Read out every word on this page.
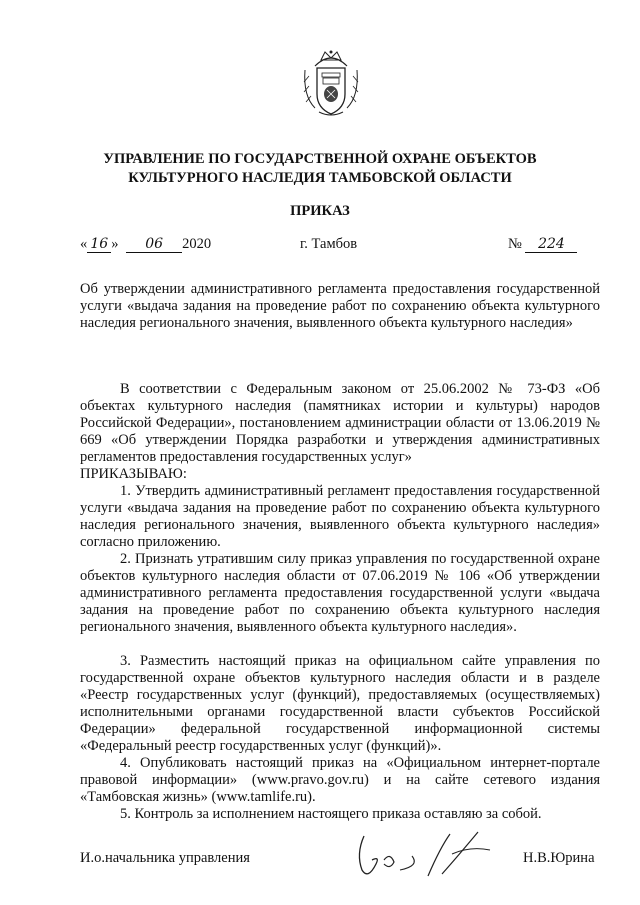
УПРАВЛЕНИЕ ПО ГОСУДАРСТВЕННОЙ ОХРАНЕ ОБЪЕКТОВ
КУЛЬТУРНОГО НАСЛЕДИЯ ТАМБОВСКОЙ ОБЛАСТИ
ПРИКАЗ
« 16 » 06 2020	г. Тамбов	№ 224

Об утверждении административного регламента предоставления государственной услуги «выдача задания на проведение работ по сохранению объекта культурного наследия регионального значения, выявленного объекта культурного наследия»

В соответствии с Федеральным законом от 25.06.2002 № 73-ФЗ «Об объектах культурного наследия (памятниках истории и культуры) народов Российской Федерации», постановлением администрации области от 13.06.2019 № 669 «Об утверждении Порядка разработки и утверждения административных регламентов предоставления государственных услуг»

ПРИКАЗЫВАЮ:

1. Утвердить административный регламент предоставления государственной услуги «выдача задания на проведение работ по сохранению объекта культурного наследия регионального значения, выявленного объекта культурного наследия» согласно приложению.

2. Признать утратившим силу приказ управления по государственной охране объектов культурного наследия области от 07.06.2019 № 106 «Об утверждении административного регламента предоставления государственной услуги «выдача задания на проведение работ по сохранению объекта культурного наследия регионального значения, выявленного объекта культурного наследия».

3. Разместить настоящий приказ на официальном сайте управления по государственной охране объектов культурного наследия области и в разделе «Реестр государственных услуг (функций), предоставляемых (осуществляемых) исполнительными органами государственной власти субъектов Российской Федерации» федеральной государственной информационной системы «Федеральный реестр государственных услуг (функций)».

4. Опубликовать настоящий приказ на «Официальном интернет-портале правовой информации» (www.pravo.gov.ru) и на сайте сетевого издания «Тамбовская жизнь» (www.tamlife.ru).

5. Контроль за исполнением настоящего приказа оставляю за собой.

И.о.начальника управления	Н.В.Юрина
